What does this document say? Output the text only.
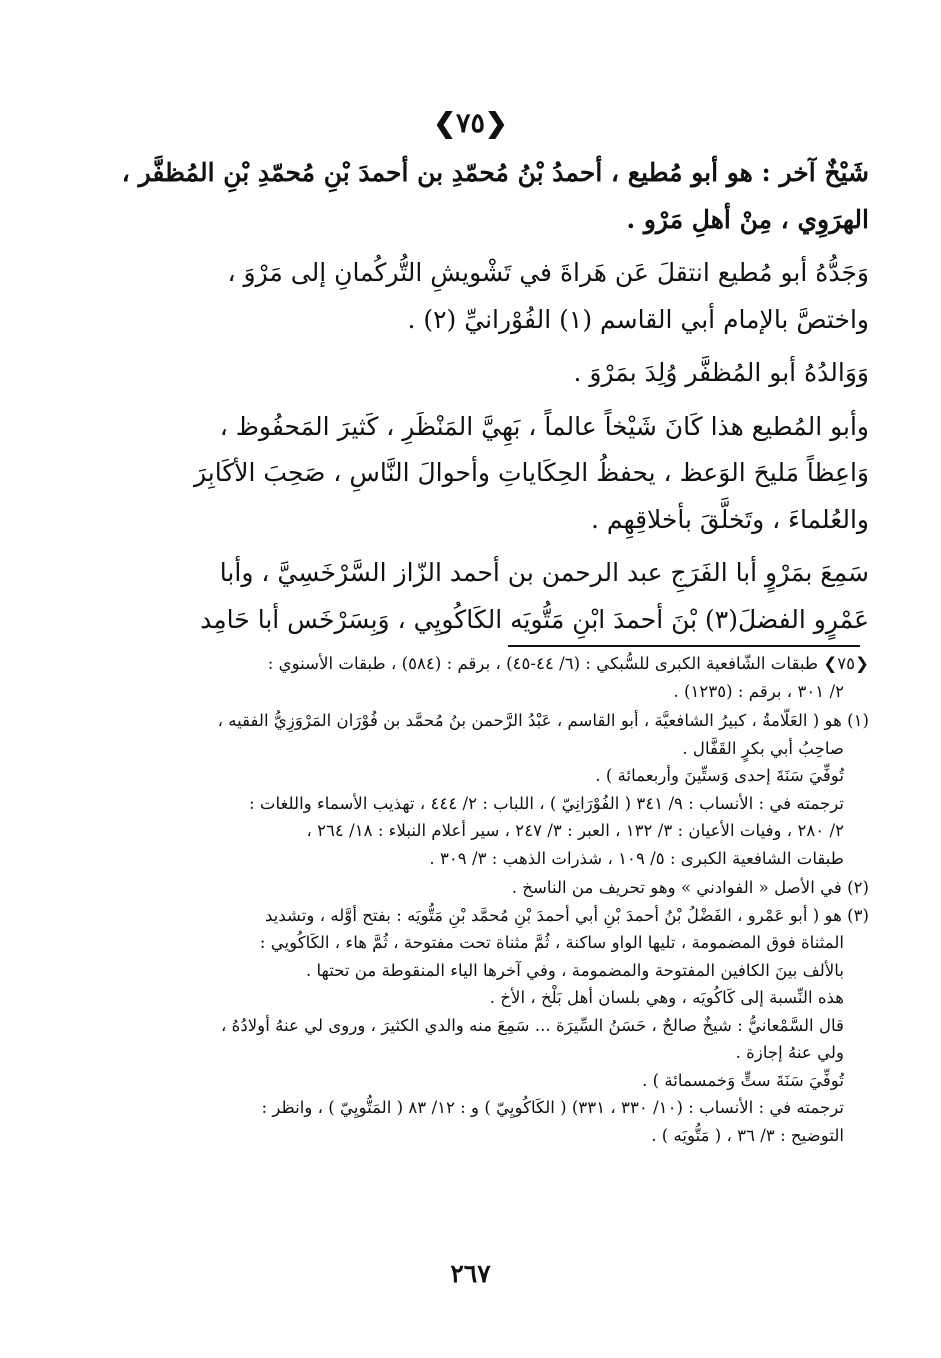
❮٧٥❯

شَيْخٌ آخر : هو أبو مُطيع ، أحمدُ بْنُ مُحمّدِ بن أحمدَ بْنِ مُحمّدِ بْنِ المُظفَّر ،

الهرَوِي ، مِنْ أهلِ مَرْو .

وَجَدُّهُ أبو مُطيع انتقلَ عَن هَراةَ في تَشْويشِ التُّركُمانِ إلى مَرْوَ ،

واختصَّ بالإمام أبي القاسم (١) الفُوْرانيِّ (٢) .

وَوَالدُهُ أبو المُظفَّر وُلِدَ بمَرْوَ .

وأبو المُطيع هذا كَانَ شَيْخاً عالماً ، بَهِيَّ المَنْظَرِ ، كَثيرَ المَحفُوظ ،

وَاعِظاً مَليحَ الوَعظ ، يحفظُ الحِكَاياتِ وأحوالَ النَّاسِ ، صَحِبَ الأكَابِرَ

والعُلماءَ ، وتَخلَّقَ بأخلاقِهِم .

سَمِعَ بمَرْوٍ أبا الفَرَجِ عبد الرحمن بن أحمد الزّاز السَّرْخَسِيَّ ، وأبا

عَمْرٍو الفضلَ(٣) بْنَ أحمدَ ابْنِ مَتُّويَه الكَاكُويِي ، وَبِسَرْخَس أبا حَامِد

❮٧٥❯ طبقات الشّافعية الكبرى للسُّبكي : (٦/ ٤٤-٤٥) ، برقم : (٥٨٤) ، طبقات الأسنوي :

٢/ ٣٠١ ، برقم : (١٢٣٥) .

(١) هو ( العَلّامةُ ، كبيرُ الشافعيَّة ، أبو القاسم ، عَبْدُ الرَّحمن بنُ مُحمَّد بن فُوْرَان المَرْوَزِيُّ الفقيه ،

صاحِبُ أبي بكرٍ القَفَّال .

تُوفِّيَ سَنَةَ إحدى وَستِّينَ وأربعمائة ) .

ترجمته في : الأنساب : ٩/ ٣٤١ ( الفُوْرَانِيّ ) ، اللباب : ٢/ ٤٤٤ ، تهذيب الأسماء واللغات :

٢/ ٢٨٠ ، وفيات الأعيان : ٣/ ١٣٢ ، العبر : ٣/ ٢٤٧ ، سير أعلام النبلاء : ١٨/ ٢٦٤ ،

طبقات الشافعية الكبرى : ٥/ ١٠٩ ، شذرات الذهب : ٣/ ٣٠٩ .

(٢) في الأصل « الفوادني » وهو تحريف من الناسخ .

(٣) هو ( أبو عَمْرو ، الفَضْلُ بْنُ أحمدَ بْنِ أبي أحمدَ بْنِ مُحمَّد بْنِ مَتُّويَه : بفتح أوَّله ، وتشديد

المثناة فوق المضمومة ، تليها الواو ساكنة ، ثُمَّ مثناة تحت مفتوحة ، ثُمَّ هاء ، الكَاكُويي :

بالألف بينَ الكافين المفتوحة والمضمومة ، وفي آخرها الياء المنقوطة من تحتها .

هذه النِّسبة إلى كَاكُويَه ، وهي بلسان أهل بَلْخ ، الأخ .

قال السَّمْعانيُّ : شيخٌ صالحٌ ، حَسَنُ السِّيرَة ... سَمِعَ منه والدي الكثيرَ ، وروى لي عنهُ أولادُهُ ،

ولي عنهُ إجازة .

تُوفِّيَ سَنَةَ ستٍّ وَخمسمائة ) .

ترجمته في : الأنساب : (١٠/ ٣٣٠ ، ٣٣١) ( الكَاكُويِيّ ) و : ١٢/ ٨٣ ( المَتُّويِيّ ) ، وانظر :

التوضيح : ٣/ ٣٦ ، ( مَتُّويَه ) .

٢٦٧
